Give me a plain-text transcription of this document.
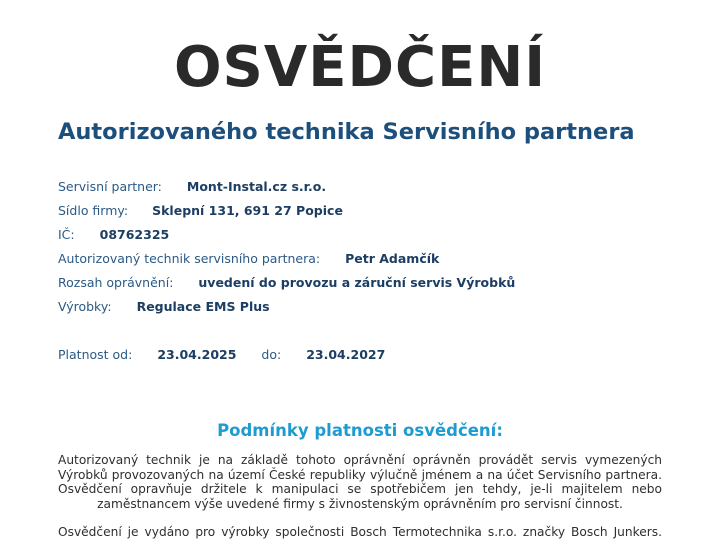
OSVĚDČENÍ
Autorizovaného technika Servisního partnera
Servisní partner: Mont-Instal.cz s.r.o.
Sídlo firmy: Sklepní 131, 691 27 Popice
IČ: 08762325
Autorizovaný technik servisního partnera: Petr Adamčík
Rozsah oprávnění: uvedení do provozu a záruční servis Výrobků
Výrobky: Regulace EMS Plus
Platnost od: 23.04.2025 do: 23.04.2027
Podmínky platnosti osvědčení:
Autorizovaný technik je na základě tohoto oprávnění oprávněn provádět servis vymezených Výrobků provozovaných na území České republiky výlučně jménem a na účet Servisního partnera. Osvědčení opravňuje držitele k manipulaci se spotřebičem jen tehdy, je-li majitelem nebo zaměstnancem výše uvedené firmy s živnostenským oprávněním pro servisní činnost.
Osvědčení je vydáno pro výrobky společnosti Bosch Termotechnika s.r.o. značky Bosch Junkers.
